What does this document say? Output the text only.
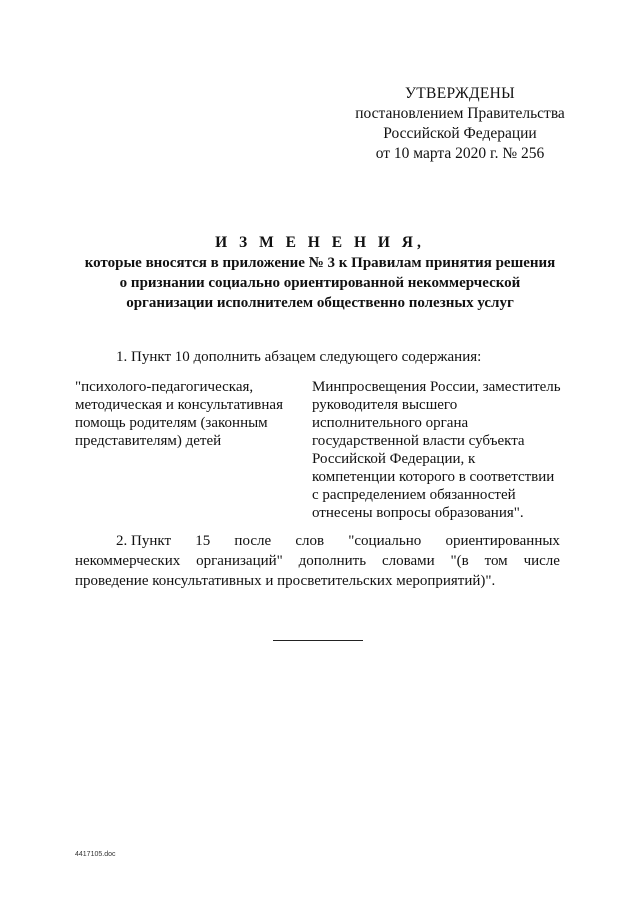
УТВЕРЖДЕНЫ
постановлением Правительства
Российской Федерации
от 10 марта 2020 г. № 256
И З М Е Н Е Н И Я,
которые вносятся в приложение № 3 к Правилам принятия решения
о признании социально ориентированной некоммерческой
организации исполнителем общественно полезных услуг
1. Пункт 10 дополнить абзацем следующего содержания:
"психолого-педагогическая,
методическая и консультативная
помощь родителям (законным
представителям) детей
Минпросвещения России, заместитель
руководителя высшего
исполнительного органа
государственной власти субъекта
Российской Федерации, к
компетенции которого в соответствии
с распределением обязанностей
отнесены вопросы образования".
2. Пункт 15 после слов "социально ориентированных
некоммерческих организаций" дополнить словами "(в том числе
проведение консультативных и просветительских мероприятий)".
4417105.doc
